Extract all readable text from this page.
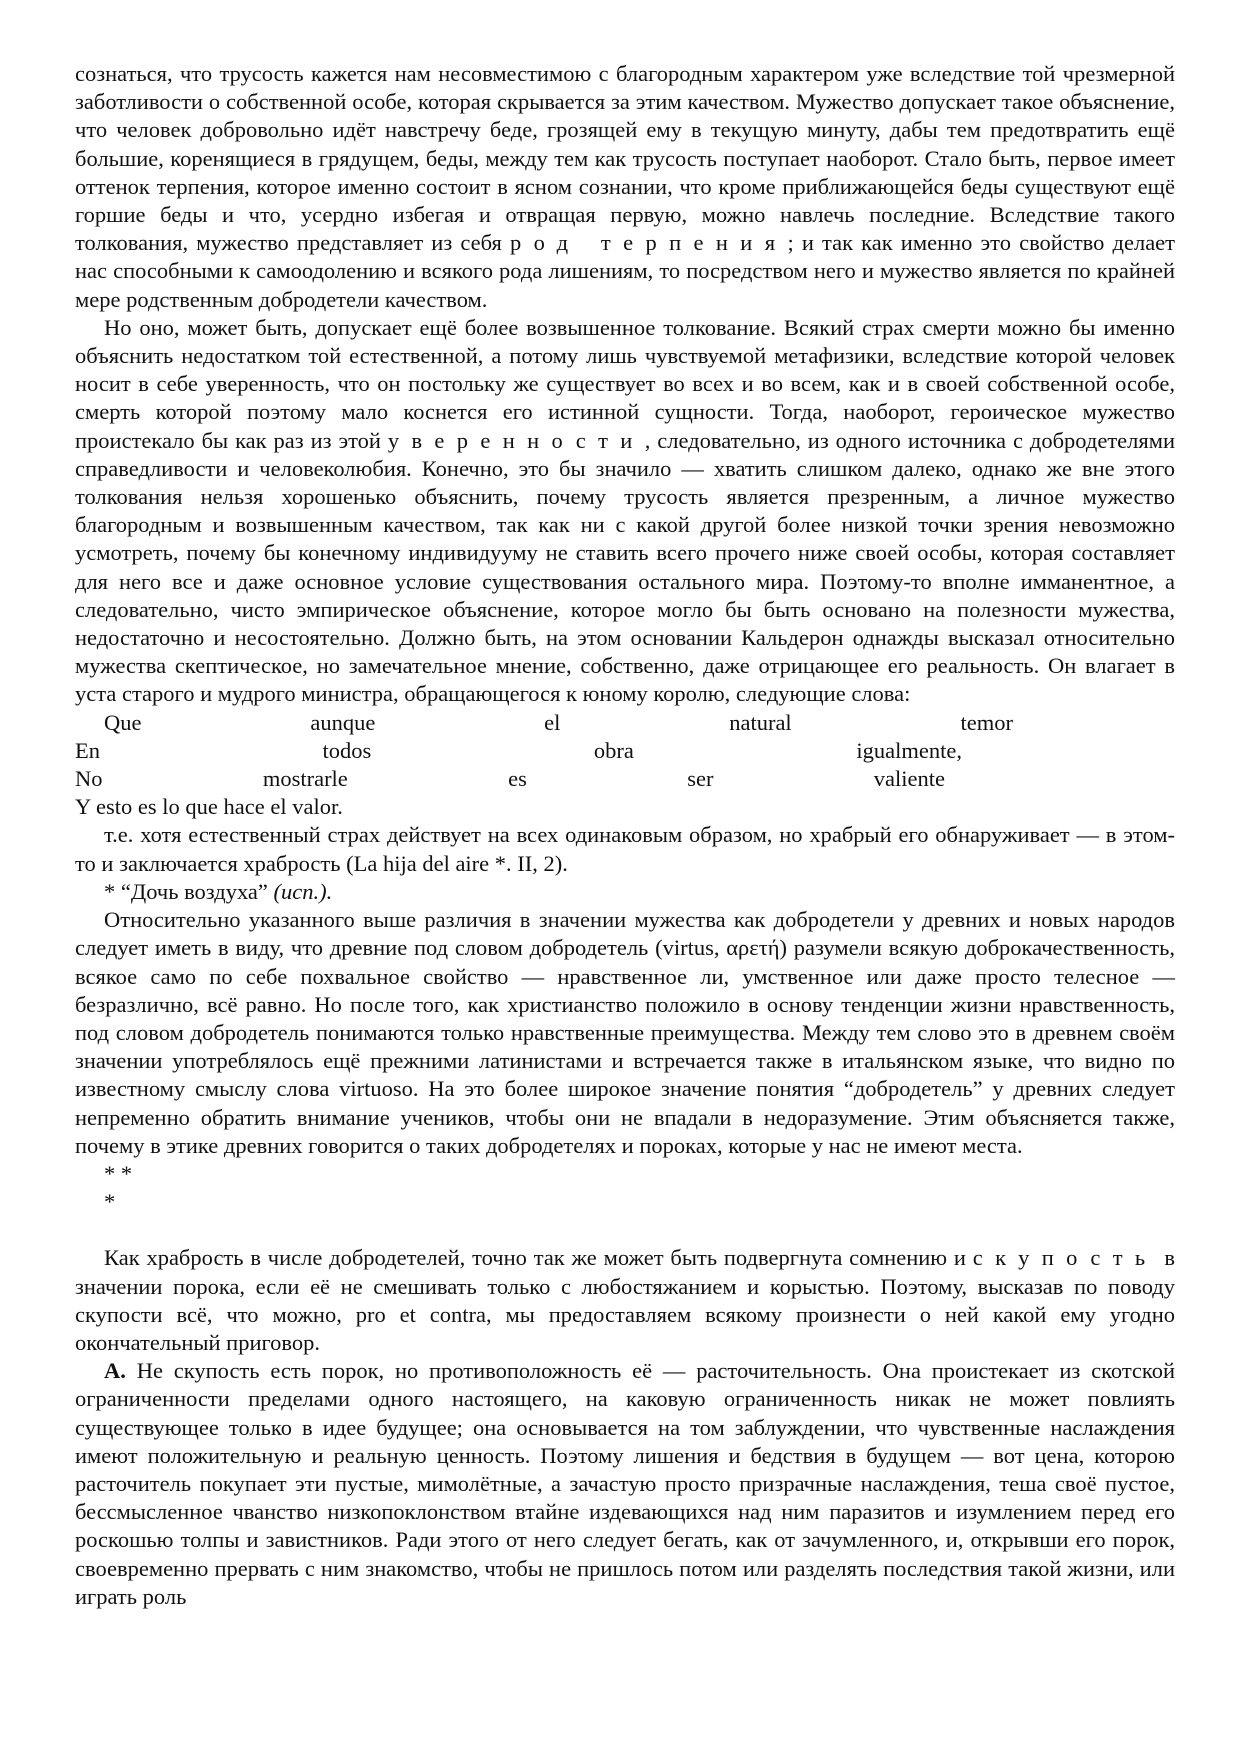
сознаться, что трусость кажется нам несовместимою с благородным характером уже вследствие той чрезмерной заботливости о собственной особе, которая скрывается за этим качеством. Мужество допускает такое объяснение, что человек добровольно идёт навстречу беде, грозящей ему в текущую минуту, дабы тем предотвратить ещё большие, коренящиеся в грядущем, беды, между тем как трусость поступает наоборот. Стало быть, первое имеет оттенок терпения, которое именно состоит в ясном сознании, что кроме приближающейся беды существуют ещё горшие беды и что, усердно избегая и отвращая первую, можно навлечь последние. Вследствие такого толкования, мужество представляет из себя род терпения; и так как именно это свойство делает нас способными к самоодолению и всякого рода лишениям, то посредством него и мужество является по крайней мере родственным добродетели качеством.

Но оно, может быть, допускает ещё более возвышенное толкование. Всякий страх смерти можно бы именно объяснить недостатком той естественной, а потому лишь чувствуемой метафизики, вследствие которой человек носит в себе уверенность, что он постольку же существует во всех и во всем, как и в своей собственной особе, смерть которой поэтому мало коснется его истинной сущности. Тогда, наоборот, героическое мужество проистекало бы как раз из этой уверенности, следовательно, из одного источника с добродетелями справедливости и человеколюбия. Конечно, это бы значило — хватить слишком далеко, однако же вне этого толкования нельзя хорошенько объяснить, почему трусость является презренным, а личное мужество благородным и возвышенным качеством, так как ни с какой другой более низкой точки зрения невозможно усмотреть, почему бы конечному индивидууму не ставить всего прочего ниже своей особы, которая составляет для него все и даже основное условие существования остального мира. Поэтому-то вполне имманентное, а следовательно, чисто эмпирическое объяснение, которое могло бы быть основано на полезности мужества, недостаточно и несостоятельно. Должно быть, на этом основании Кальдерон однажды высказал относительно мужества скептическое, но замечательное мнение, собственно, даже отрицающее его реальность. Он влагает в уста старого и мудрого министра, обращающегося к юному королю, следующие слова:

Que	aunque	el	natural	temor
En	todos	obra	igualmente,
No	mostrarle	es	ser	valiente

Y esto es lo que hace el valor.

т.е. хотя естественный страх действует на всех одинаковым образом, но храбрый его обнаруживает — в этом-то и заключается храбрость (La hija del aire *. II, 2).

* “Дочь воздуха” (исп.).

Относительно указанного выше различия в значении мужества как добродетели у древних и новых народов следует иметь в виду, что древние под словом добродетель (virtus, αρετή) разумели всякую доброкачественность, всякое само по себе похвальное свойство — нравственное ли, умственное или даже просто телесное — безразлично, всё равно. Но после того, как христианство положило в основу тенденции жизни нравственность, под словом добродетель понимаются только нравственные преимущества. Между тем слово это в древнем своём значении употреблялось ещё прежними латинистами и встречается также в итальянском языке, что видно по известному смыслу слова virtuoso. На это более широкое значение понятия “добродетель” у древних следует непременно обратить внимание учеников, чтобы они не впадали в недоразумение. Этим объясняется также, почему в этике древних говорится о таких добродетелях и пороках, которые у нас не имеют места.

* *

*

Как храбрость в числе добродетелей, точно так же может быть подвергнута сомнению и скупость в значении порока, если её не смешивать только с любостяжанием и корыстью. Поэтому, высказав по поводу скупости всё, что можно, pro et contra, мы предоставляем всякому произнести о ней какой ему угодно окончательный приговор.

А. Не скупость есть порок, но противоположность её — расточительность. Она проистекает из скотской ограниченности пределами одного настоящего, на каковую ограниченность никак не может повлиять существующее только в идее будущее; она основывается на том заблуждении, что чувственные наслаждения имеют положительную и реальную ценность. Поэтому лишения и бедствия в будущем — вот цена, которою расточитель покупает эти пустые, мимолётные, а зачастую просто призрачные наслаждения, теша своё пустое, бессмысленное чванство низкопоклонством втайне издевающихся над ним паразитов и изумлением перед его роскошью толпы и завистников. Ради этого от него следует бегать, как от зачумленного, и, открывши его порок, своевременно прервать с ним знакомство, чтобы не пришлось потом или разделять последствия такой жизни, или играть роль
